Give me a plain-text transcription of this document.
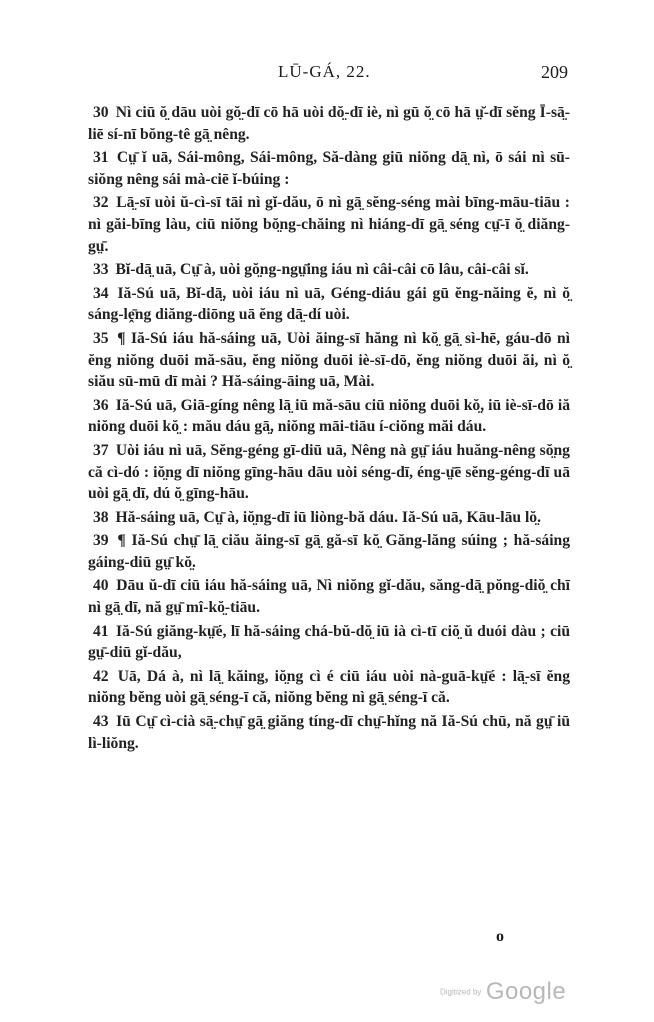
LŪ-GÁ, 22.	209

30 Nì ciū ŏ̤ dāu uòi gŏ̤-dī cō hā uòi dŏ̤-dī iè, nì gū ŏ̤ cō hā ṳ̆-dī sĕng Ī-sā̤-liē sí-nī bŏng-tê gā̤ nêng.

31 Cṳ̄ ĭ uā, Sái-mông, Sái-mông, Să-dàng giū niŏng dā̤ nì, ō sái nì sū-siŏng nêng sái mà-ciē ĭ-búing :

32 Lā̤-sī uòi ŭ-cì-sī tāi nì gĭ-dău, ō nì gā̤ sĕng-séng mài bīng-māu-tiāu : nì găi-bīng làu, ciū niŏng bŏ̤ng-chăing nì hiáng-dī gā̤ séng cṳ̄-ī ŏ̤ diăng-gṳ̄.

33 Bĭ-dā̤ uā, Cṳ̄ à, uòi gŏ̤ng-ngṳ̄ing iáu nì câi-câi cō lâu, câi-câi sĭ.

34 Iă-Sú uā, Bĭ-dā̤, uòi iáu nì uā, Géng-diáu gái gū ĕng-năing ĕ, nì ŏ̤ sáng-lḙ̄ng diăng-diōng uā ĕng dā̤-dí uòi.

35 ¶ Iă-Sú iáu hă-sáing uā, Uòi ăing-sī hăng nì kŏ̤ gā̤ sì-hē, gáu-dō nì ĕng niŏng duōi mă-sāu, ĕng niŏng duōi iè-sī-dō, ĕng niŏng duōi ăi, nì ŏ̤ siău sū-mū dī mài ? Hă-sáing-āing uā, Mài.

36 Iă-Sú uā, Giā-gíng nêng lā̤ iū mă-sāu ciū niŏng duōi kŏ̤, iū iè-sī-dō iă niŏng duōi kŏ̤ : mău dáu gā̤, niŏng māi-tiāu í-ciŏng măi dáu.

37 Uòi iáu nì uā, Sĕng-géng gī-diū uā, Nêng nà gṳ̄ iáu huăng-nêng sŏ̤ng că cì-dó : iŏ̤ng dī niŏng gīng-hāu dāu uòi séng-dī, éng-ṳ̄ē sĕng-géng-dī uā uòi gā̤ dī, dú ŏ̤ gīng-hāu.

38 Hă-sáing uā, Cṳ̄ à, iŏ̤ng-dī iū liòng-bă dáu. Iă-Sú uā, Kāu-lāu lŏ̤.

39 ¶ Iă-Sú chṳ̄ lā̤ ciău ăing-sī gā̤ gă-sī kŏ̤ Găng-lăng súing ; hă-sáing gáing-diū gṳ̄ kŏ̤.

40 Dāu ŭ-dī ciū iáu hă-sáing uā, Nì niŏng gĭ-dău, săng-dā̤ pŏng-diŏ̤ chī nì gā̤ dī, nă gṳ̄ mî-kŏ̤-tiāu.

41 Iă-Sú giăng-kṳ̄é, lī hă-sáing chá-bŭ-dŏ̤ iū ià cì-tī ciŏ̤ ŭ duói dàu ; ciū gṳ̄-diū gĭ-dău,

42 Uā, Dá à, nì lā̤ kăing, iŏ̤ng cì é ciū iáu uòi nà-guā-kṳ̄é : lā̤-sī ĕng niŏng bĕng uòi gā̤ séng-ī că, niŏng bĕng nì gā̤ séng-ī că.

43 Iū Cṳ̄ cì-cià sā̤-chṳ̄ gā̤ giăng tíng-dī chṳ̄-hĭng nă Iă-Sú chū, nă gṳ̄ iū lì-liŏng.

o
Digitized by Google
